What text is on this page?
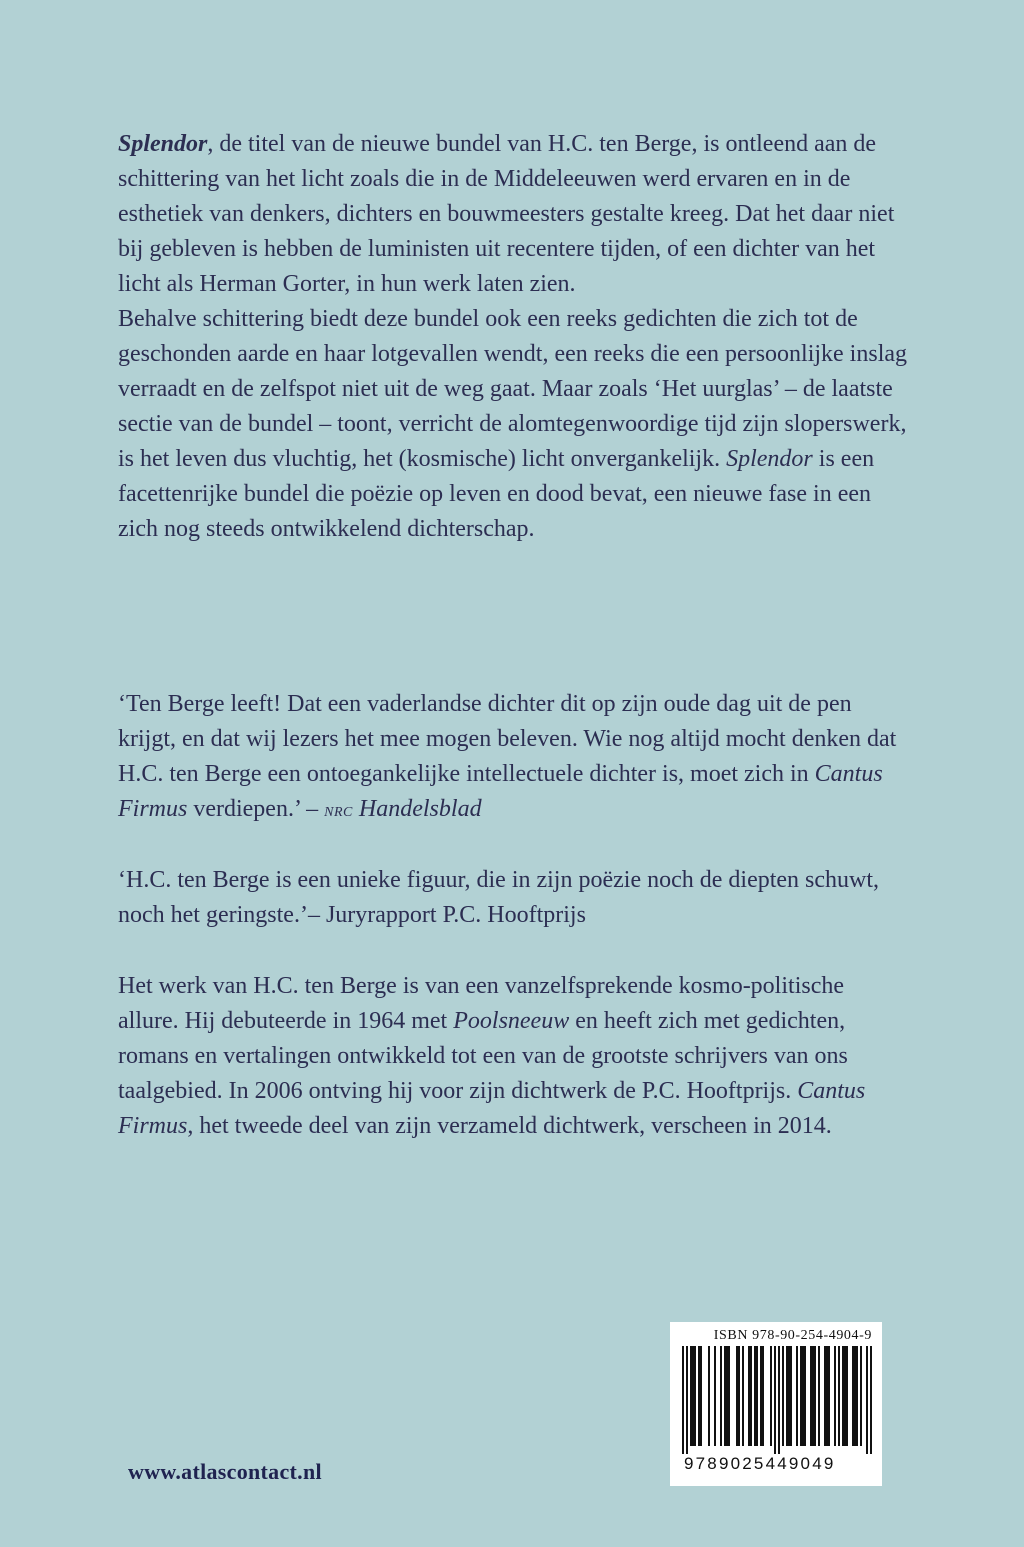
Splendor, de titel van de nieuwe bundel van H.C. ten Berge, is ontleend aan de schittering van het licht zoals die in de Middeleeuwen werd ervaren en in de esthetiek van denkers, dichters en bouwmeesters gestalte kreeg. Dat het daar niet bij gebleven is hebben de luministen uit recentere tijden, of een dichter van het licht als Herman Gorter, in hun werk laten zien.

Behalve schittering biedt deze bundel ook een reeks gedichten die zich tot de geschonden aarde en haar lotgevallen wendt, een reeks die een persoonlijke inslag verraadt en de zelfspot niet uit de weg gaat. Maar zoals ‘Het uurglas’ – de laatste sectie van de bundel – toont, verricht de alomtegenwoordige tijd zijn sloperswerk, is het leven dus vluchtig, het (kosmische) licht onvergankelijk. Splendor is een facettenrijke bundel die poëzie op leven en dood bevat, een nieuwe fase in een zich nog steeds ontwikkelend dichterschap.

‘Ten Berge leeft! Dat een vaderlandse dichter dit op zijn oude dag uit de pen krijgt, en dat wij lezers het mee mogen beleven. Wie nog altijd mocht denken dat H.C. ten Berge een ontoegankelijke intellectuele dichter is, moet zich in Cantus Firmus verdiepen.’ – nrc Handelsblad

‘H.C. ten Berge is een unieke figuur, die in zijn poëzie noch de diepten schuwt, noch het geringste.’– Juryrapport P.C. Hooftprijs

Het werk van H.C. ten Berge is van een vanzelfsprekende kosmo-politische allure. Hij debuteerde in 1964 met Poolsneeuw en heeft zich met gedichten, romans en vertalingen ontwikkeld tot een van de grootste schrijvers van ons taalgebied. In 2006 ontving hij voor zijn dichtwerk de P.C. Hooftprijs. Cantus Firmus, het tweede deel van zijn verzameld dichtwerk, verscheen in 2014.

www.atlascontact.nl
ISBN 978-90-254-4904-9
9789025449049
